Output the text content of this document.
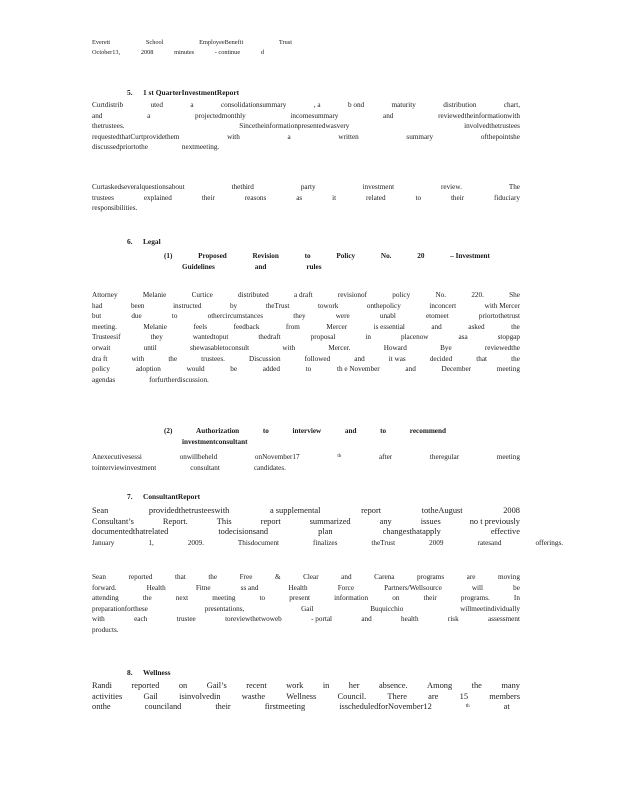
Everett	School	EmployeeBenefit	Trust
October13,	2008	minutes	- continue	d
5. 1 st QuarterInvestmentReport
Curtdistrib	uted	a	consolidationsummary	, a	b ond	maturity	distribution	chart,
and	a	projectedmonthly	incomesummary	and	reviewedtheinformationwith
thetrustees.	Sincetheinformationpresentedwasvery	involvedthetrustees
requestedthatCurtprovidethem	with	a	written	summary	ofthepointshe
discussedpriortothe	nextmeeting.
Curtaskedseveralquestionsabout	thethird	party	investment	review.	The
trustees	explained	their	reasons	as	it	related	to	their	fiduciary
responsibilities.
6. Legal
(1)	Proposed	Revision	to	Policy	No.	20	– Investment
Guidelines	and	rules
Attorney	Melanie	Curtice	distributed	a draft	revisionof	policy	No.	220.	She
had	been	instructed	by	theTrust	towork	onthepolicy	inconcert	with Mercer
but	due	to	othercircumstances	they	were	unabl	etomeet	priortothetrust
meeting.	Melanie	feels	feedback	from	Mercer	is essential	and	asked	the
Trusteesif	they	wantedtoput	thedraft	proposal	in	placenow	asa	stopgap
orwait	until	shewasabletoconsult	with	Mercer.	Howard	Bye	reviewedthe
dra ft	with	the	trustees.	Discussion	followed	and	it was	decided	that	the
policy	adoption	would	be	added	to	th e November	and	December	meeting
agendas	forfurtherdiscussion.
(2)	Authorization	to	interview	and	to	recommend
investmentconsultant
Anexecutivesessi	onwillbeheld	onNovember17	th	after	theregular	meeting
tointerviewinvestment	consultant	candidates.
7. ConsultantReport
Sean	providedthetrusteeswith	a supplemental	report	totheAugust	2008
Consultant’s	Report.	This	report	summarized	any	issues	no t previously
documentedthatrelated	todecisionsand	plan	changesthatapply	effective
January	1,	2009.	Thisdocument	finalizes	theTrust	2009	ratesand	offerings.
Sean	reported	that	the	Free	&	Clear	and	Carena	programs	are	moving
forward.	Health	Fitne	ss and	Health	Force	Partners/Wellsource	will	be
attending	the	next	meeting	to	present	information	on	their	programs.	In
preparationforthese	presentations,	Gail	Buquicchio	willmeetindividually
with	each	trustee	toreviewthetwoweb	- portal	and	health	risk	assessment
products.
8. Wellness
Randi reported on Gail’s recent work in her absence. Among the many
activities	Gail	isinvolvedin	wasthe	Wellness	Council.	There	are	15	members
onthe	counciland	their	firstmeeting	isscheduledforNovember12	th	at
